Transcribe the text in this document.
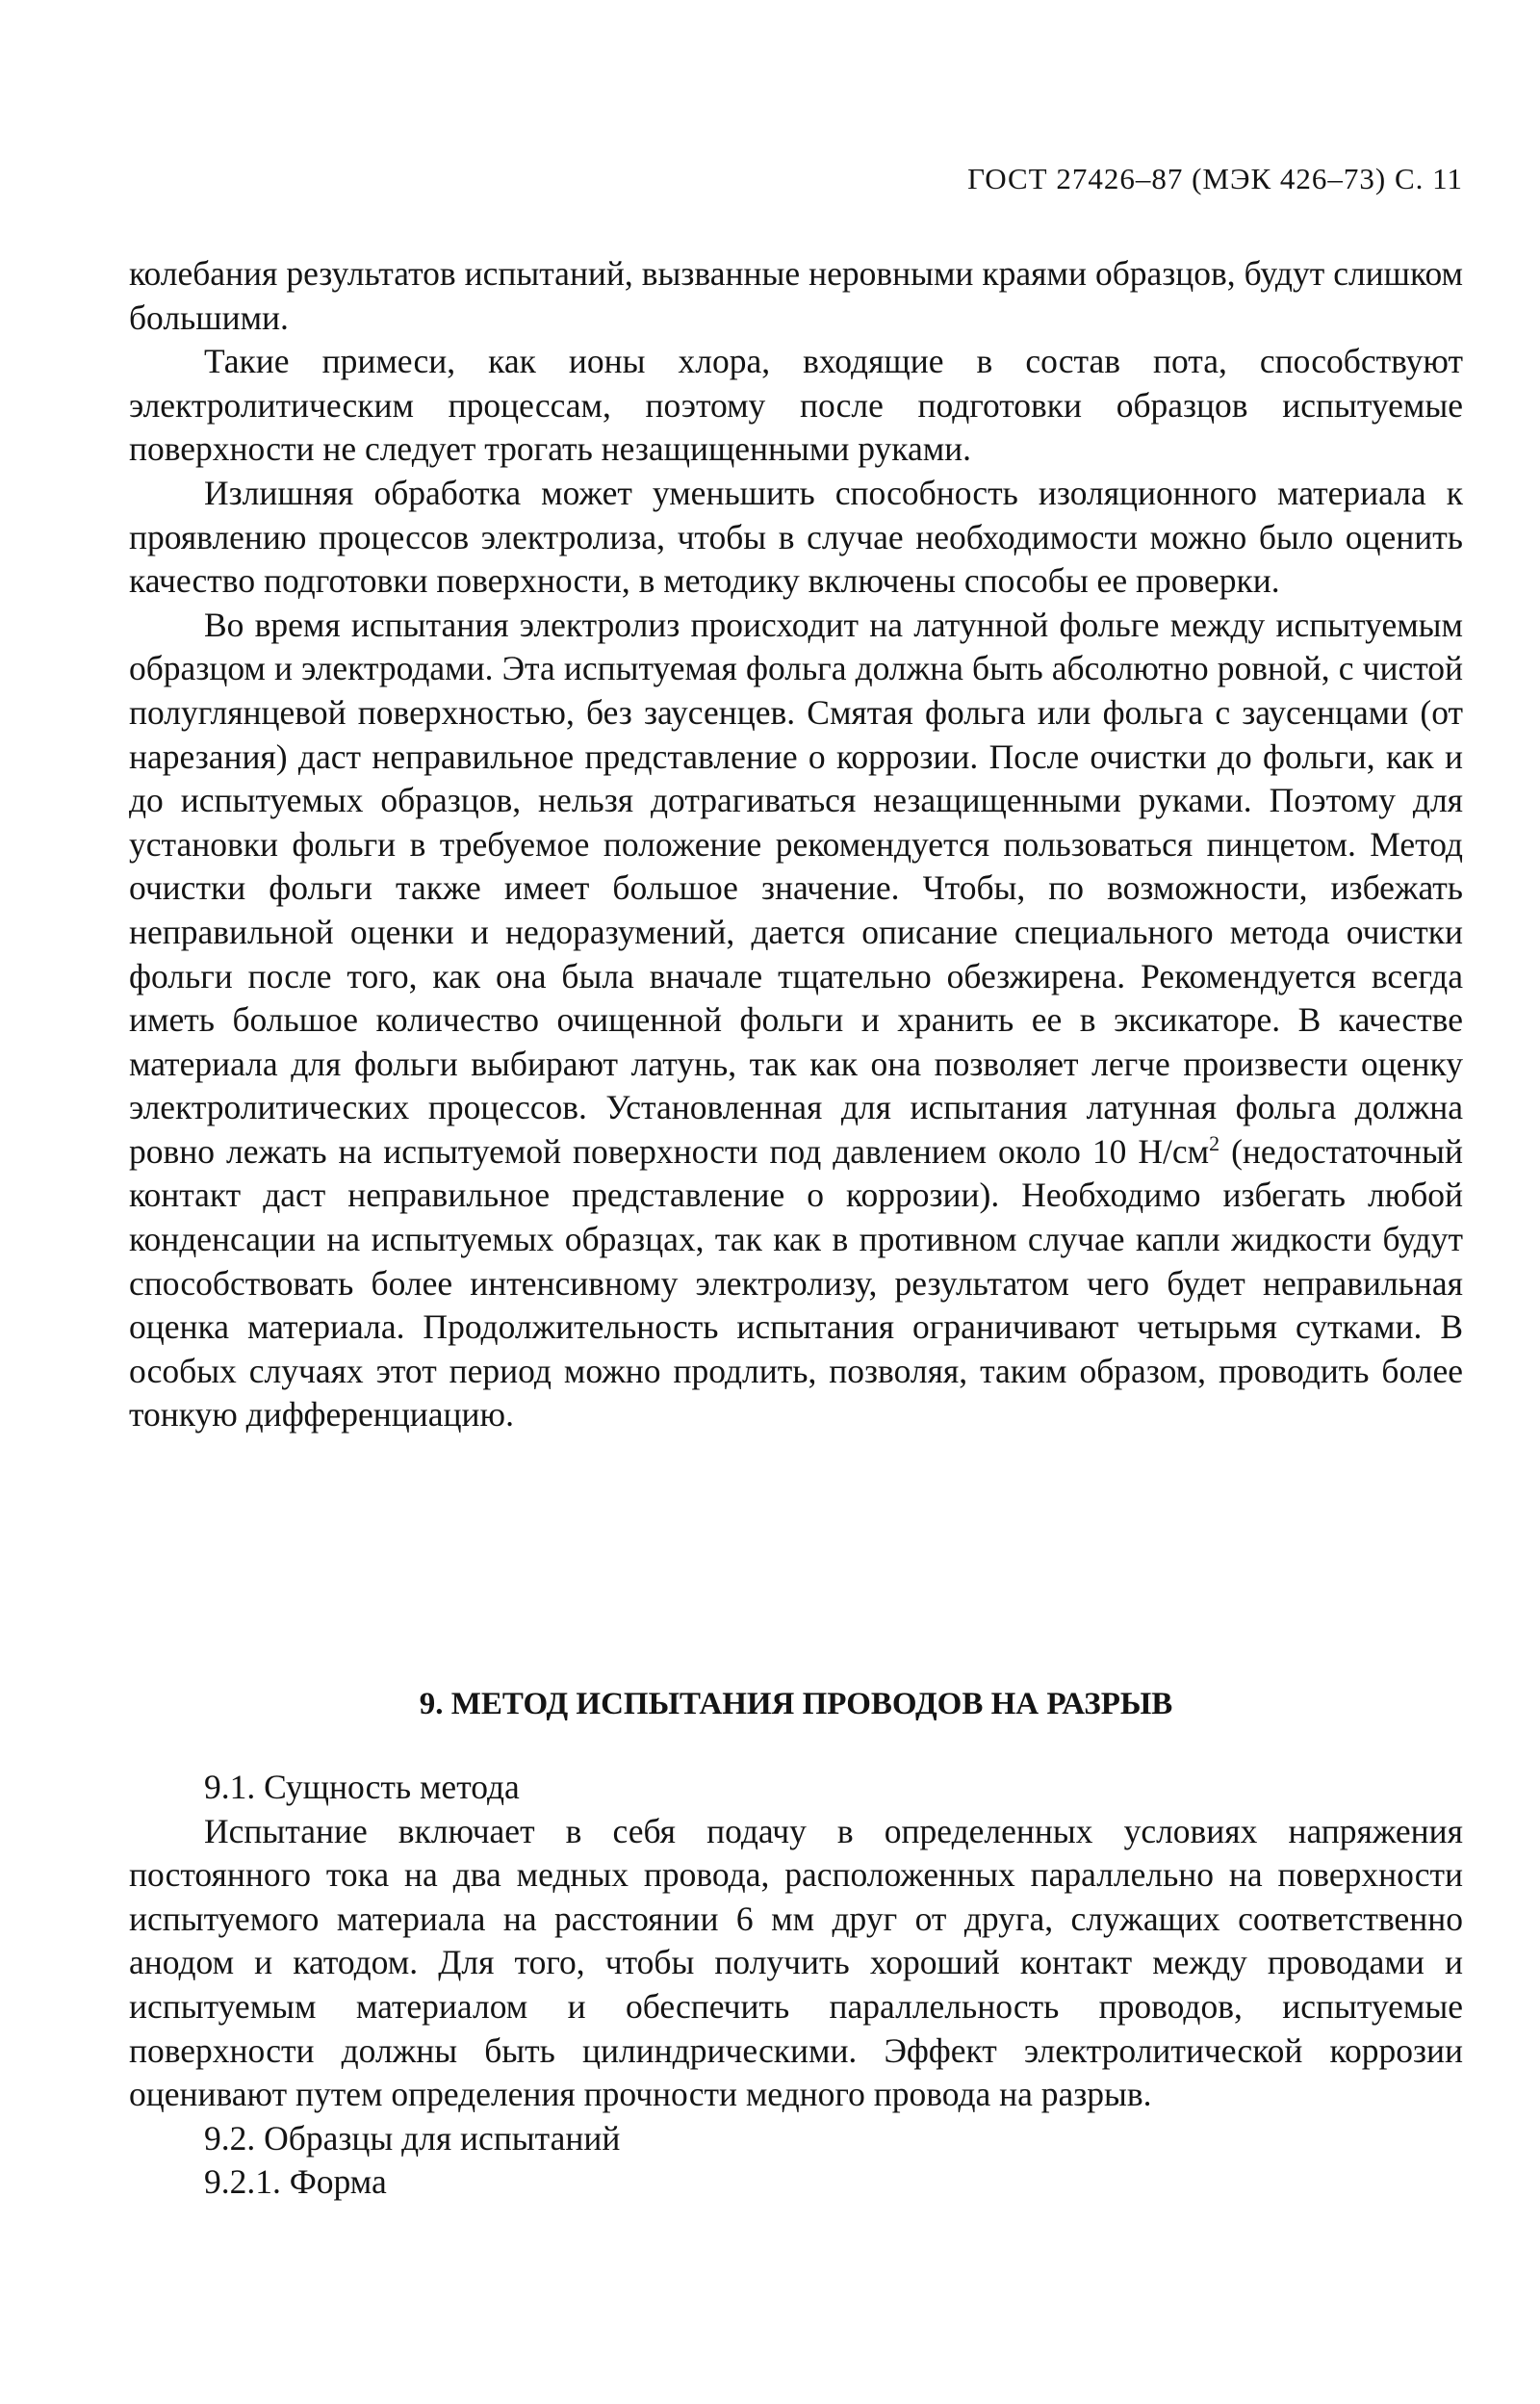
ГОСТ 27426–87 (МЭК 426–73) С. 11

колебания результатов испытаний, вызванные неровными краями образцов, будут слишком большими.

Такие примеси, как ионы хлора, входящие в состав пота, способствуют электролитическим процессам, поэтому после подготовки образцов испытуемые поверхности не следует трогать незащищенными руками.

Излишняя обработка может уменьшить способность изоляционного материала к проявлению процессов электролиза, чтобы в случае необходимости можно было оценить качество подготовки поверхности, в методику включены способы ее проверки.

Во время испытания электролиз происходит на латунной фольге между испытуемым образцом и электродами. Эта испытуемая фольга должна быть абсолютно ровной, с чистой полуглянцевой поверхностью, без заусенцев. Смятая фольга или фольга с заусенцами (от нарезания) даст неправильное представление о коррозии. После очистки до фольги, как и до испытуемых образцов, нельзя дотрагиваться незащищенными руками. Поэтому для установки фольги в требуемое положение рекомендуется пользоваться пинцетом. Метод очистки фольги также имеет большое значение. Чтобы, по возможности, избежать неправильной оценки и недоразумений, дается описание специального метода очистки фольги после того, как она была вначале тщательно обезжирена. Рекомендуется всегда иметь большое количество очищенной фольги и хранить ее в эксикаторе. В качестве материала для фольги выбирают латунь, так как она позволяет легче произвести оценку электролитических процессов. Установленная для испытания латунная фольга должна ровно лежать на испытуемой поверхности под давлением около 10 $Н/см^2$ (недостаточный контакт даст неправильное представление о коррозии). Необходимо избегать любой конденсации на испытуемых образцах, так как в противном случае капли жидкости будут способствовать более интенсивному электролизу, результатом чего будет неправильная оценка материала. Продолжительность испытания ограничивают четырьмя сутками. В особых случаях этот период можно продлить, позволяя, таким образом, проводить более тонкую дифференциацию.

9. МЕТОД ИСПЫТАНИЯ ПРОВОДОВ НА РАЗРЫВ

9.1. Сущность метода

Испытание включает в себя подачу в определенных условиях напряжения постоянного тока на два медных провода, расположенных параллельно на поверхности испытуемого материала на расстоянии 6 мм друг от друга, служащих соответственно анодом и катодом. Для того, чтобы получить хороший контакт между проводами и испытуемым материалом и обеспечить параллельность проводов, испытуемые поверхности должны быть цилиндрическими. Эффект электролитической коррозии оценивают путем определения прочности медного провода на разрыв.

9.2. Образцы для испытаний

9.2.1. Форма
